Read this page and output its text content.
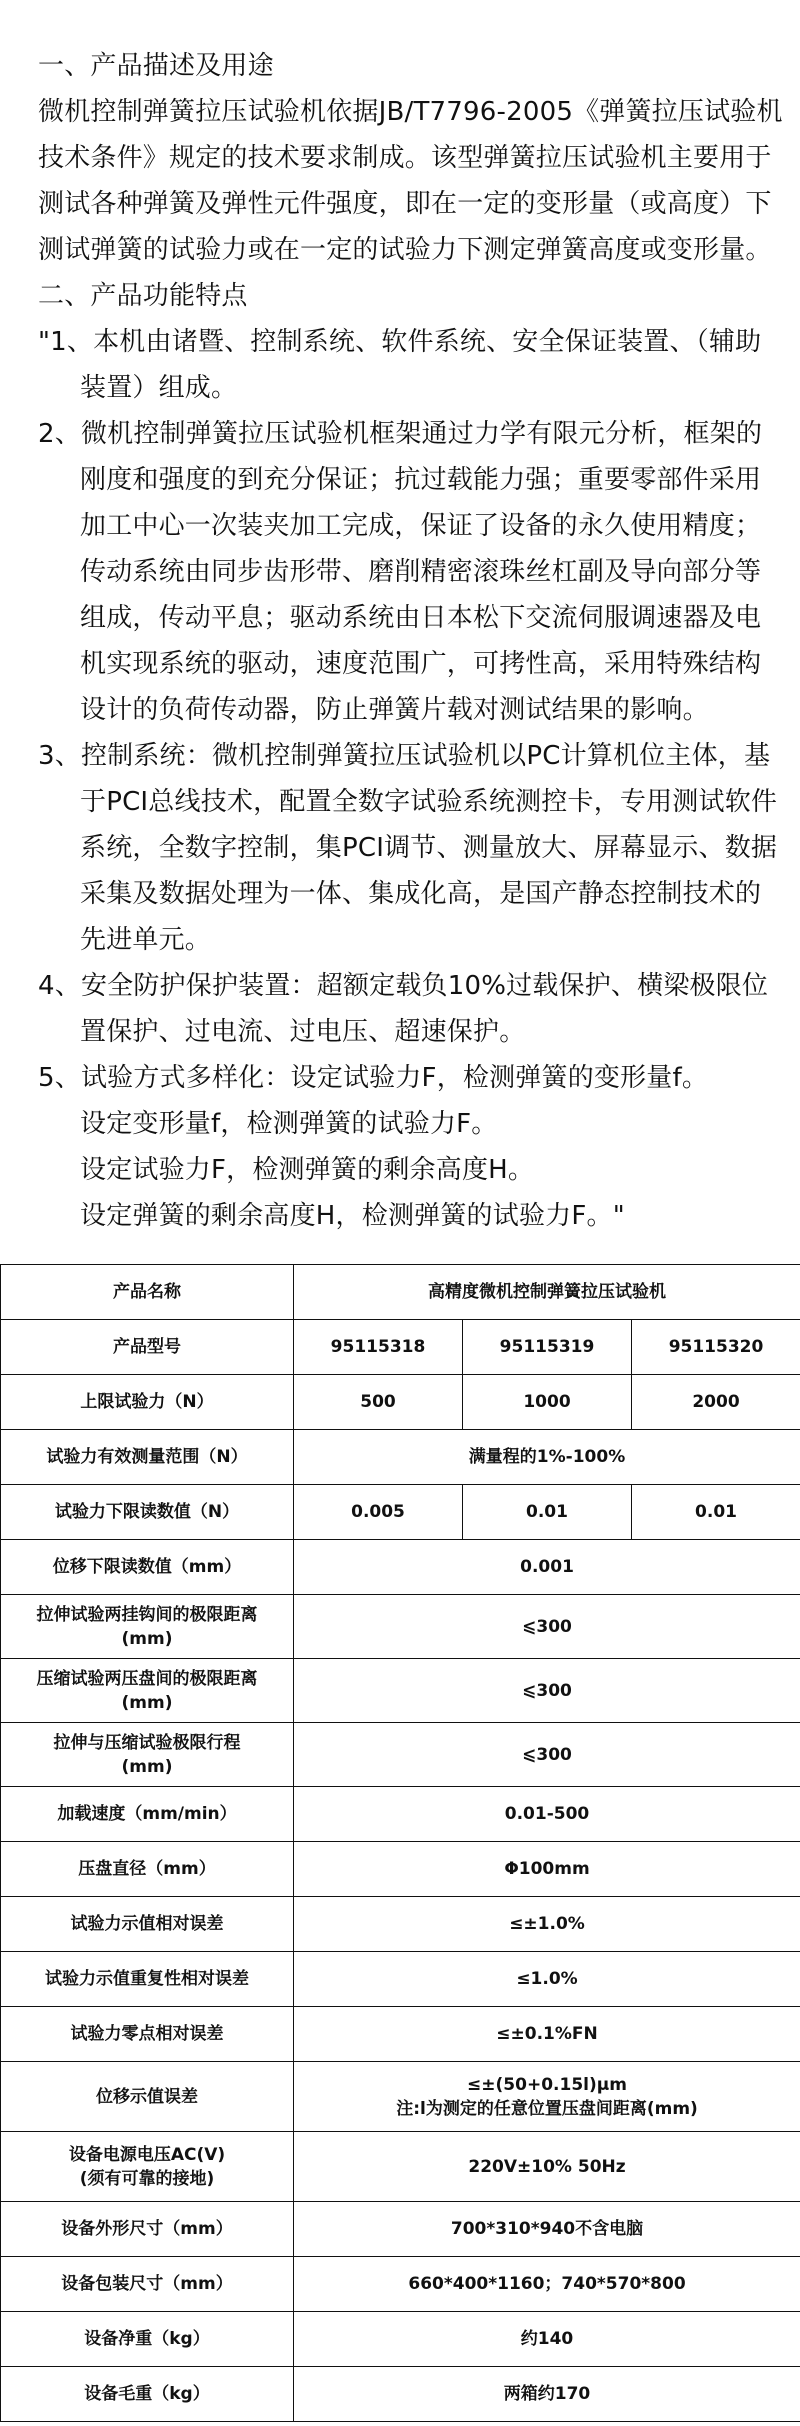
一、产品描述及用途
微机控制弹簧拉压试验机依据JB/T7796-2005《弹簧拉压试验机
技术条件》规定的技术要求制成。该型弹簧拉压试验机主要用于
测试各种弹簧及弹性元件强度，即在一定的变形量（或高度）下
测试弹簧的试验力或在一定的试验力下测定弹簧高度或变形量。
二、产品功能特点
"1、本机由诸暨、控制系统、软件系统、安全保证装置、（辅助
装置）组成。
2、微机控制弹簧拉压试验机框架通过力学有限元分析，框架的
刚度和强度的到充分保证；抗过载能力强；重要零部件采用
加工中心一次装夹加工完成，保证了设备的永久使用精度；
传动系统由同步齿形带、磨削精密滚珠丝杠副及导向部分等
组成，传动平息；驱动系统由日本松下交流伺服调速器及电
机实现系统的驱动，速度范围广，可拷性高，采用特殊结构
设计的负荷传动器，防止弹簧片载对测试结果的影响。
3、控制系统：微机控制弹簧拉压试验机以PC计算机位主体，基
于PCI总线技术，配置全数字试验系统测控卡，专用测试软件
系统，全数字控制，集PCI调节、测量放大、屏幕显示、数据
采集及数据处理为一体、集成化高，是国产静态控制技术的
先进单元。
4、安全防护保护装置：超额定载负10%过载保护、横梁极限位
置保护、过电流、过电压、超速保护。
5、试验方式多样化：设定试验力F，检测弹簧的变形量f。
设定变形量f，检测弹簧的试验力F。
设定试验力F，检测弹簧的剩余高度H。
设定弹簧的剩余高度H，检测弹簧的试验力F。"
产品名称	高精度微机控制弹簧拉压试验机		
产品型号	95115318	95115319	95115320
上限试验力（N）	500	1000	2000
试验力有效测量范围（N）	满量程的1%-100%		
试验力下限读数值（N）	0.005	0.01	0.01
位移下限读数值（mm）	0.001		

拉伸试验两挂钩间的极限距离
(mm)	⩽300		

压缩试验两压盘间的极限距离
(mm)	⩽300		

拉伸与压缩试验极限行程
(mm)	⩽300		
加载速度（mm/min）	0.01-500		
压盘直径（mm）	Φ100mm		
试验力示值相对误差	≤±1.0%		
试验力示值重复性相对误差	≤1.0%		
试验力零点相对误差	≤±0.1%FN		
位移示值误差	≤±(50+0.15l)μm
注:l为测定的任意位置压盘间距离(mm)		

设备电源电压AC(V)
(须有可靠的接地)	220V±10% 50Hz		
设备外形尺寸（mm）	700*310*940不含电脑		
设备包装尺寸（mm）	660*400*1160；740*570*800		
设备净重（kg）	约140		
设备毛重（kg）	两箱约170		
